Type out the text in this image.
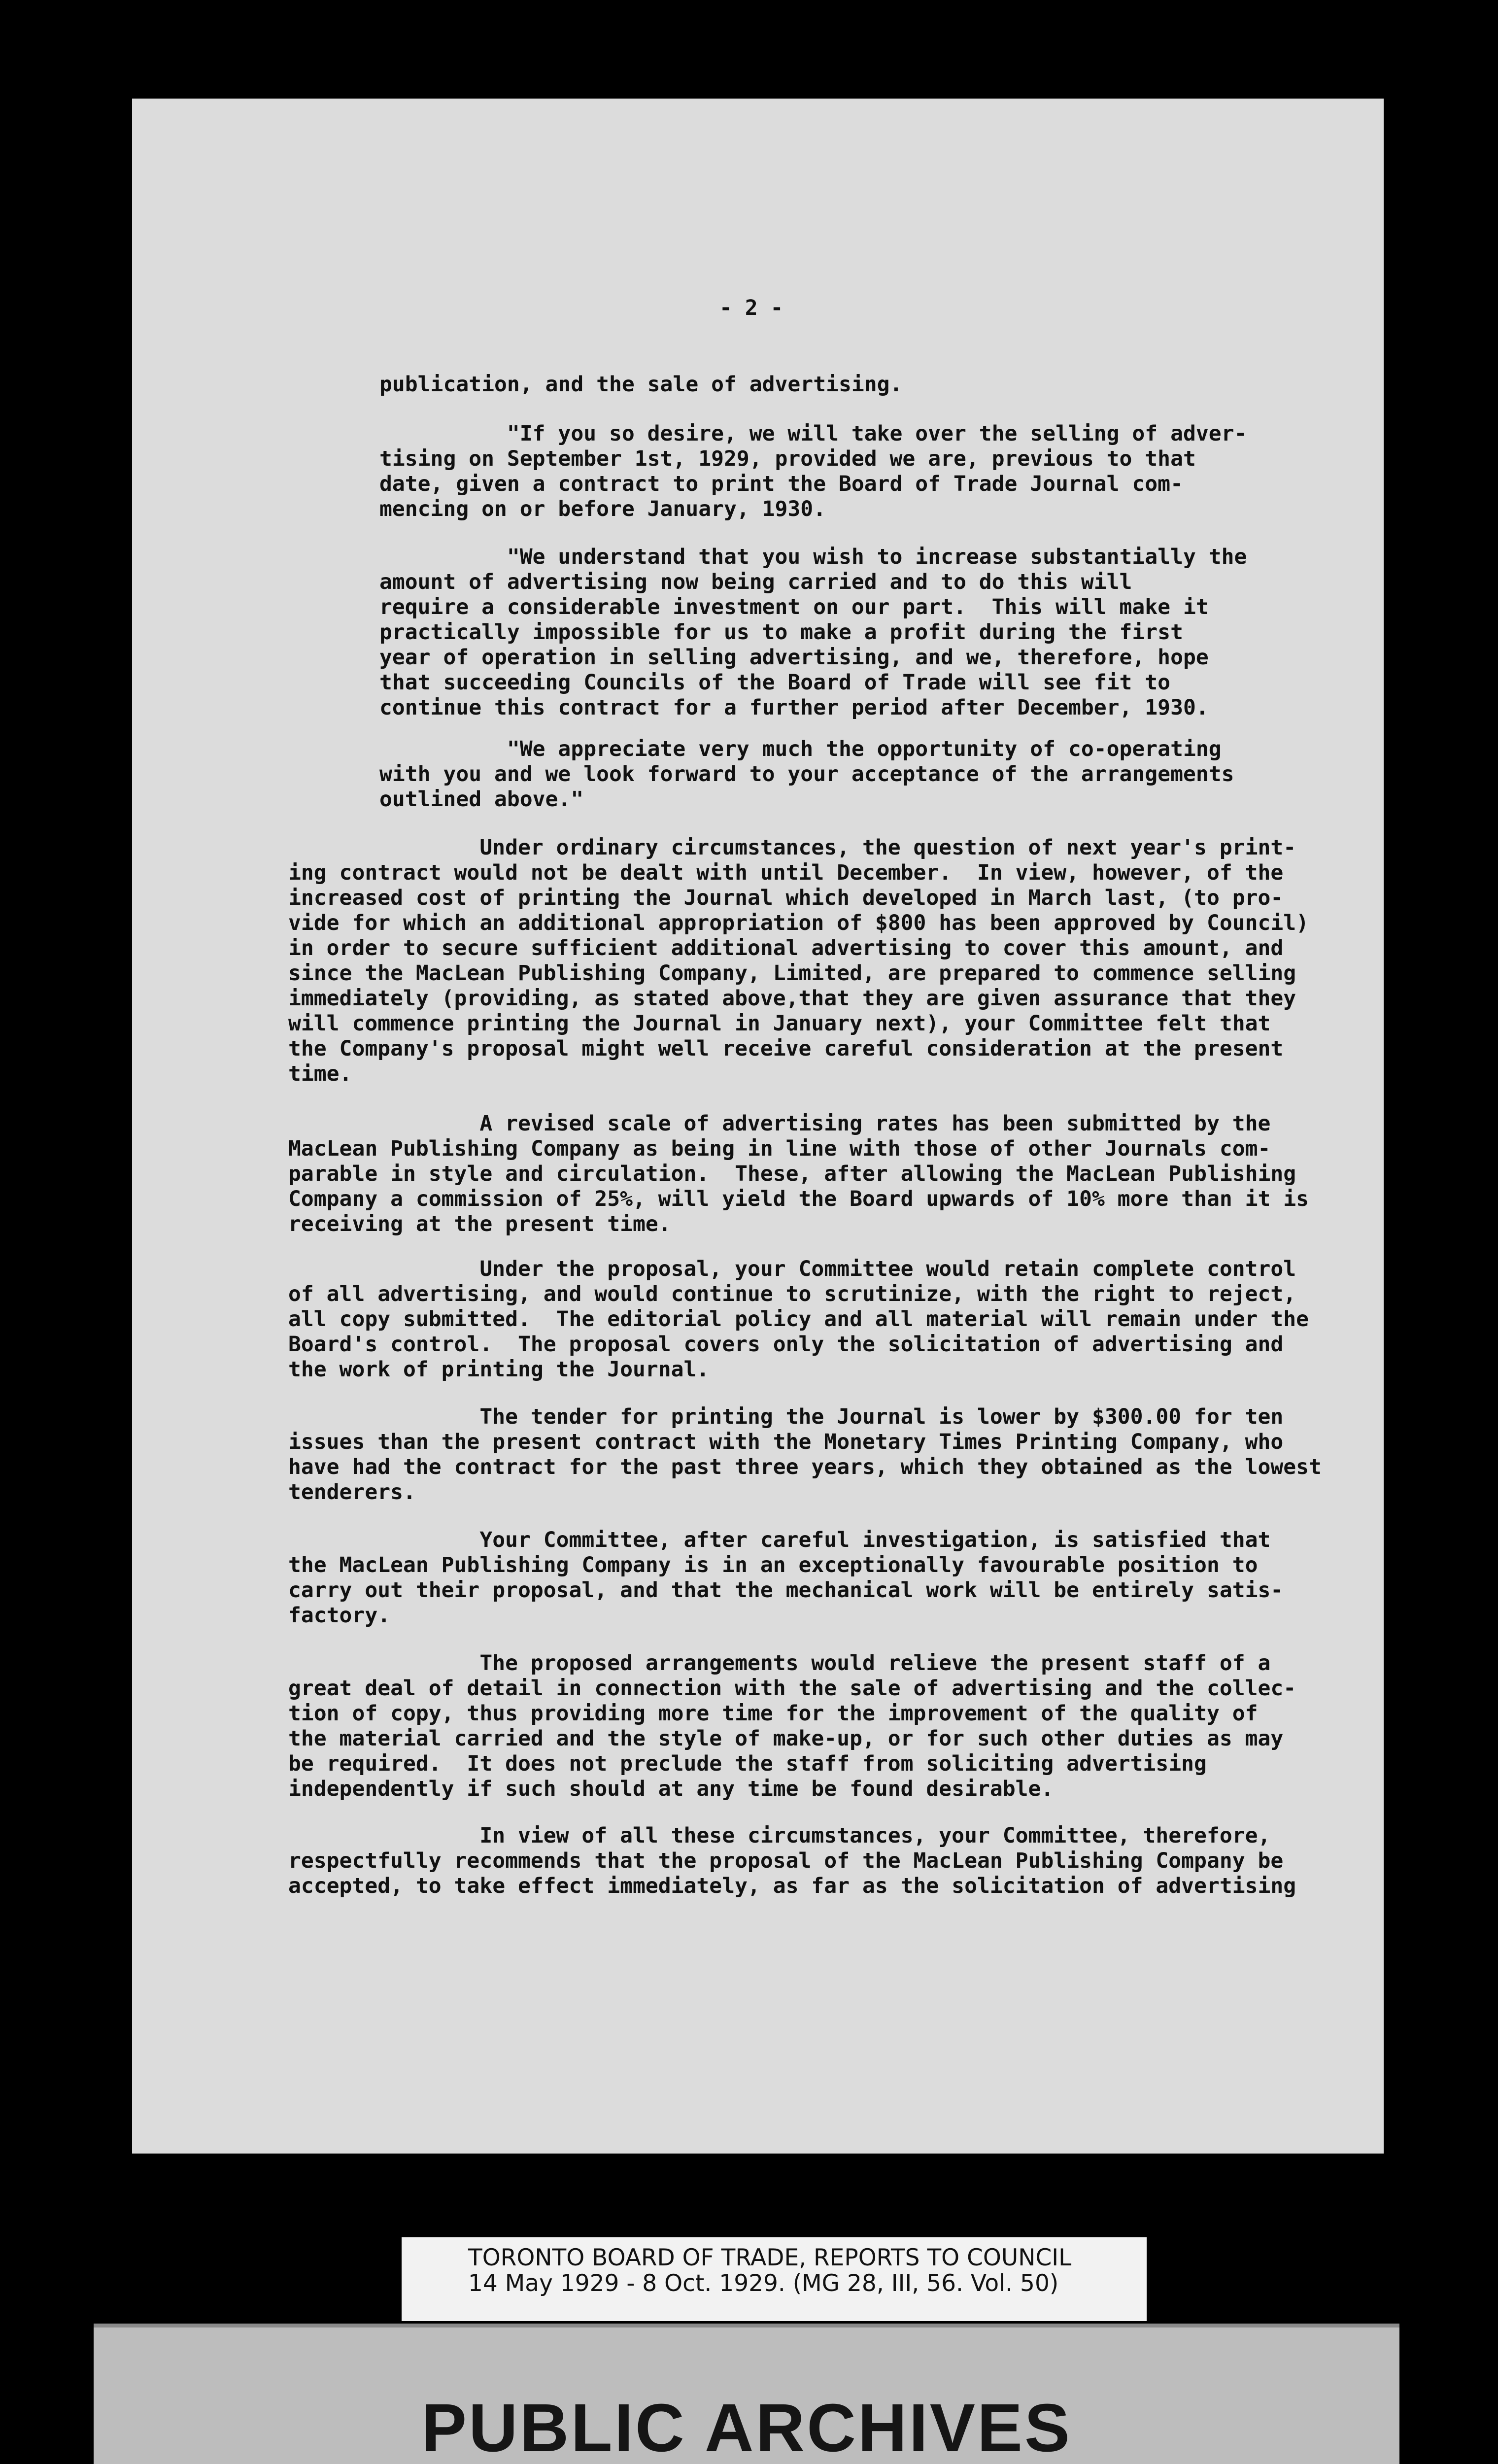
- 2 -

publication, and the sale of advertising.

"If you so desire, we will take over the selling of adver-
tising on September 1st, 1929, provided we are, previous to that
date, given a contract to print the Board of Trade Journal com-
mencing on or before January, 1930.

"We understand that you wish to increase substantially the
amount of advertising now being carried and to do this will
require a considerable investment on our part.  This will make it
practically impossible for us to make a profit during the first
year of operation in selling advertising, and we, therefore, hope
that succeeding Councils of the Board of Trade will see fit to
continue this contract for a further period after December, 1930.

"We appreciate very much the opportunity of co-operating
with you and we look forward to your acceptance of the arrangements
outlined above."

Under ordinary circumstances, the question of next year's print-
ing contract would not be dealt with until December.  In view, however, of the
increased cost of printing the Journal which developed in March last, (to pro-
vide for which an additional appropriation of $800 has been approved by Council)
in order to secure sufficient additional advertising to cover this amount, and
since the MacLean Publishing Company, Limited, are prepared to commence selling
immediately (providing, as stated above,that they are given assurance that they
will commence printing the Journal in January next), your Committee felt that
the Company's proposal might well receive careful consideration at the present
time.

A revised scale of advertising rates has been submitted by the
MacLean Publishing Company as being in line with those of other Journals com-
parable in style and circulation.  These, after allowing the MacLean Publishing
Company a commission of 25%, will yield the Board upwards of 10% more than it is
receiving at the present time.

Under the proposal, your Committee would retain complete control
of all advertising, and would continue to scrutinize, with the right to reject,
all copy submitted.  The editorial policy and all material will remain under the
Board's control.  The proposal covers only the solicitation of advertising and
the work of printing the Journal.

The tender for printing the Journal is lower by $300.00 for ten
issues than the present contract with the Monetary Times Printing Company, who
have had the contract for the past three years, which they obtained as the lowest
tenderers.

Your Committee, after careful investigation, is satisfied that
the MacLean Publishing Company is in an exceptionally favourable position to
carry out their proposal, and that the mechanical work will be entirely satis-
factory.

The proposed arrangements would relieve the present staff of a
great deal of detail in connection with the sale of advertising and the collec-
tion of copy, thus providing more time for the improvement of the quality of
the material carried and the style of make-up, or for such other duties as may
be required.  It does not preclude the staff from soliciting advertising
independently if such should at any time be found desirable.

In view of all these circumstances, your Committee, therefore,
respectfully recommends that the proposal of the MacLean Publishing Company be
accepted, to take effect immediately, as far as the solicitation of advertising

TORONTO BOARD OF TRADE, REPORTS TO COUNCIL
14 May 1929 - 8 Oct. 1929. (MG 28, III, 56. Vol. 50)
PUBLIC ARCHIVES
